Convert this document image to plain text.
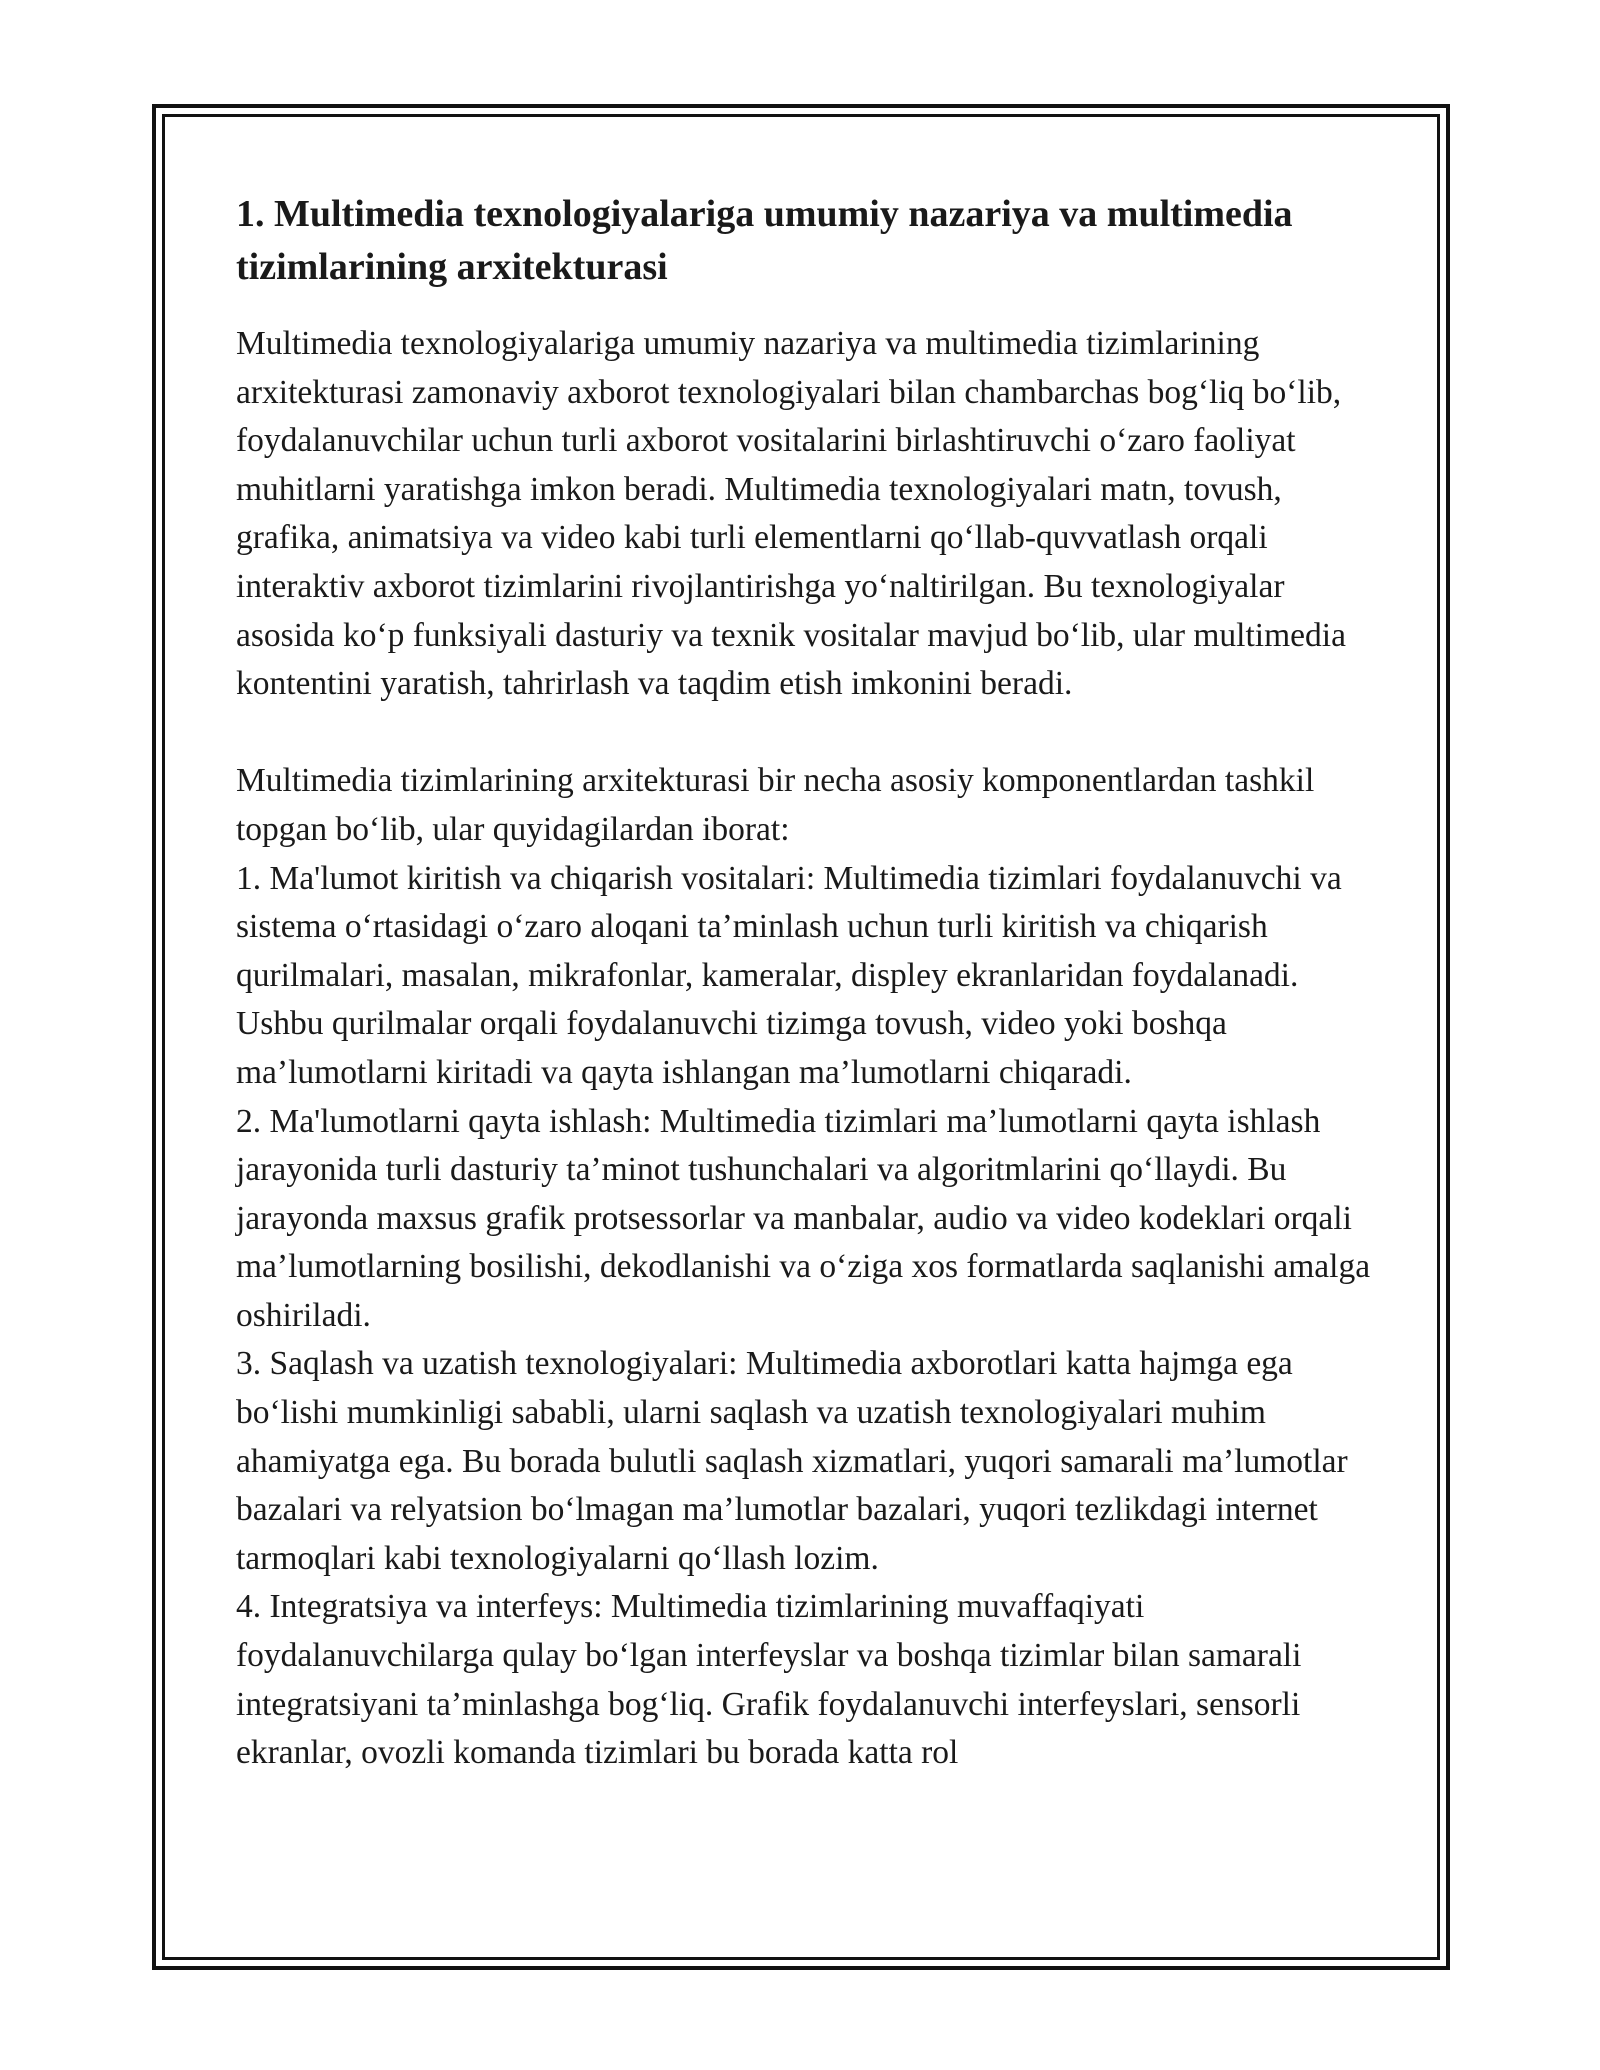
1. Multimedia texnologiyalariga umumiy nazariya va multimedia tizimlarining arxitekturasi

Multimedia texnologiyalariga umumiy nazariya va multimedia tizimlarining arxitekturasi zamonaviy axborot texnologiyalari bilan chambarchas bog‘liq bo‘lib, foydalanuvchilar uchun turli axborot vositalarini birlashtiruvchi o‘zaro faoliyat muhitlarni yaratishga imkon beradi. Multimedia texnologiyalari matn, tovush, grafika, animatsiya va video kabi turli elementlarni qo‘llab-quvvatlash orqali interaktiv axborot tizimlarini rivojlantirishga yo‘naltirilgan. Bu texnologiyalar asosida ko‘p funksiyali dasturiy va texnik vositalar mavjud bo‘lib, ular multimedia kontentini yaratish, tahrirlash va taqdim etish imkonini beradi.

Multimedia tizimlarining arxitekturasi bir necha asosiy komponentlardan tashkil topgan bo‘lib, ular quyidagilardan iborat:

1. Ma'lumot kiritish va chiqarish vositalari: Multimedia tizimlari foydalanuvchi va sistema o‘rtasidagi o‘zaro aloqani ta’minlash uchun turli kiritish va chiqarish qurilmalari, masalan, mikrafonlar, kameralar, displey ekranlaridan foydalanadi. Ushbu qurilmalar orqali foydalanuvchi tizimga tovush, video yoki boshqa ma’lumotlarni kiritadi va qayta ishlangan ma’lumotlarni chiqaradi.

2. Ma'lumotlarni qayta ishlash: Multimedia tizimlari ma’lumotlarni qayta ishlash jarayonida turli dasturiy ta’minot tushunchalari va algoritmlarini qo‘llaydi. Bu jarayonda maxsus grafik protsessorlar va manbalar, audio va video kodeklari orqali ma’lumotlarning bosilishi, dekodlanishi va o‘ziga xos formatlarda saqlanishi amalga oshiriladi.

3. Saqlash va uzatish texnologiyalari: Multimedia axborotlari katta hajmga ega bo‘lishi mumkinligi sababli, ularni saqlash va uzatish texnologiyalari muhim ahamiyatga ega. Bu borada bulutli saqlash xizmatlari, yuqori samarali ma’lumotlar bazalari va relyatsion bo‘lmagan ma’lumotlar bazalari, yuqori tezlikdagi internet tarmoqlari kabi texnologiyalarni qo‘llash lozim.

4. Integratsiya va interfeys: Multimedia tizimlarining muvaffaqiyati foydalanuvchilarga qulay bo‘lgan interfeyslar va boshqa tizimlar bilan samarali integratsiyani ta’minlashga bog‘liq. Grafik foydalanuvchi interfeyslari, sensorli ekranlar, ovozli komanda tizimlari bu borada katta rol
